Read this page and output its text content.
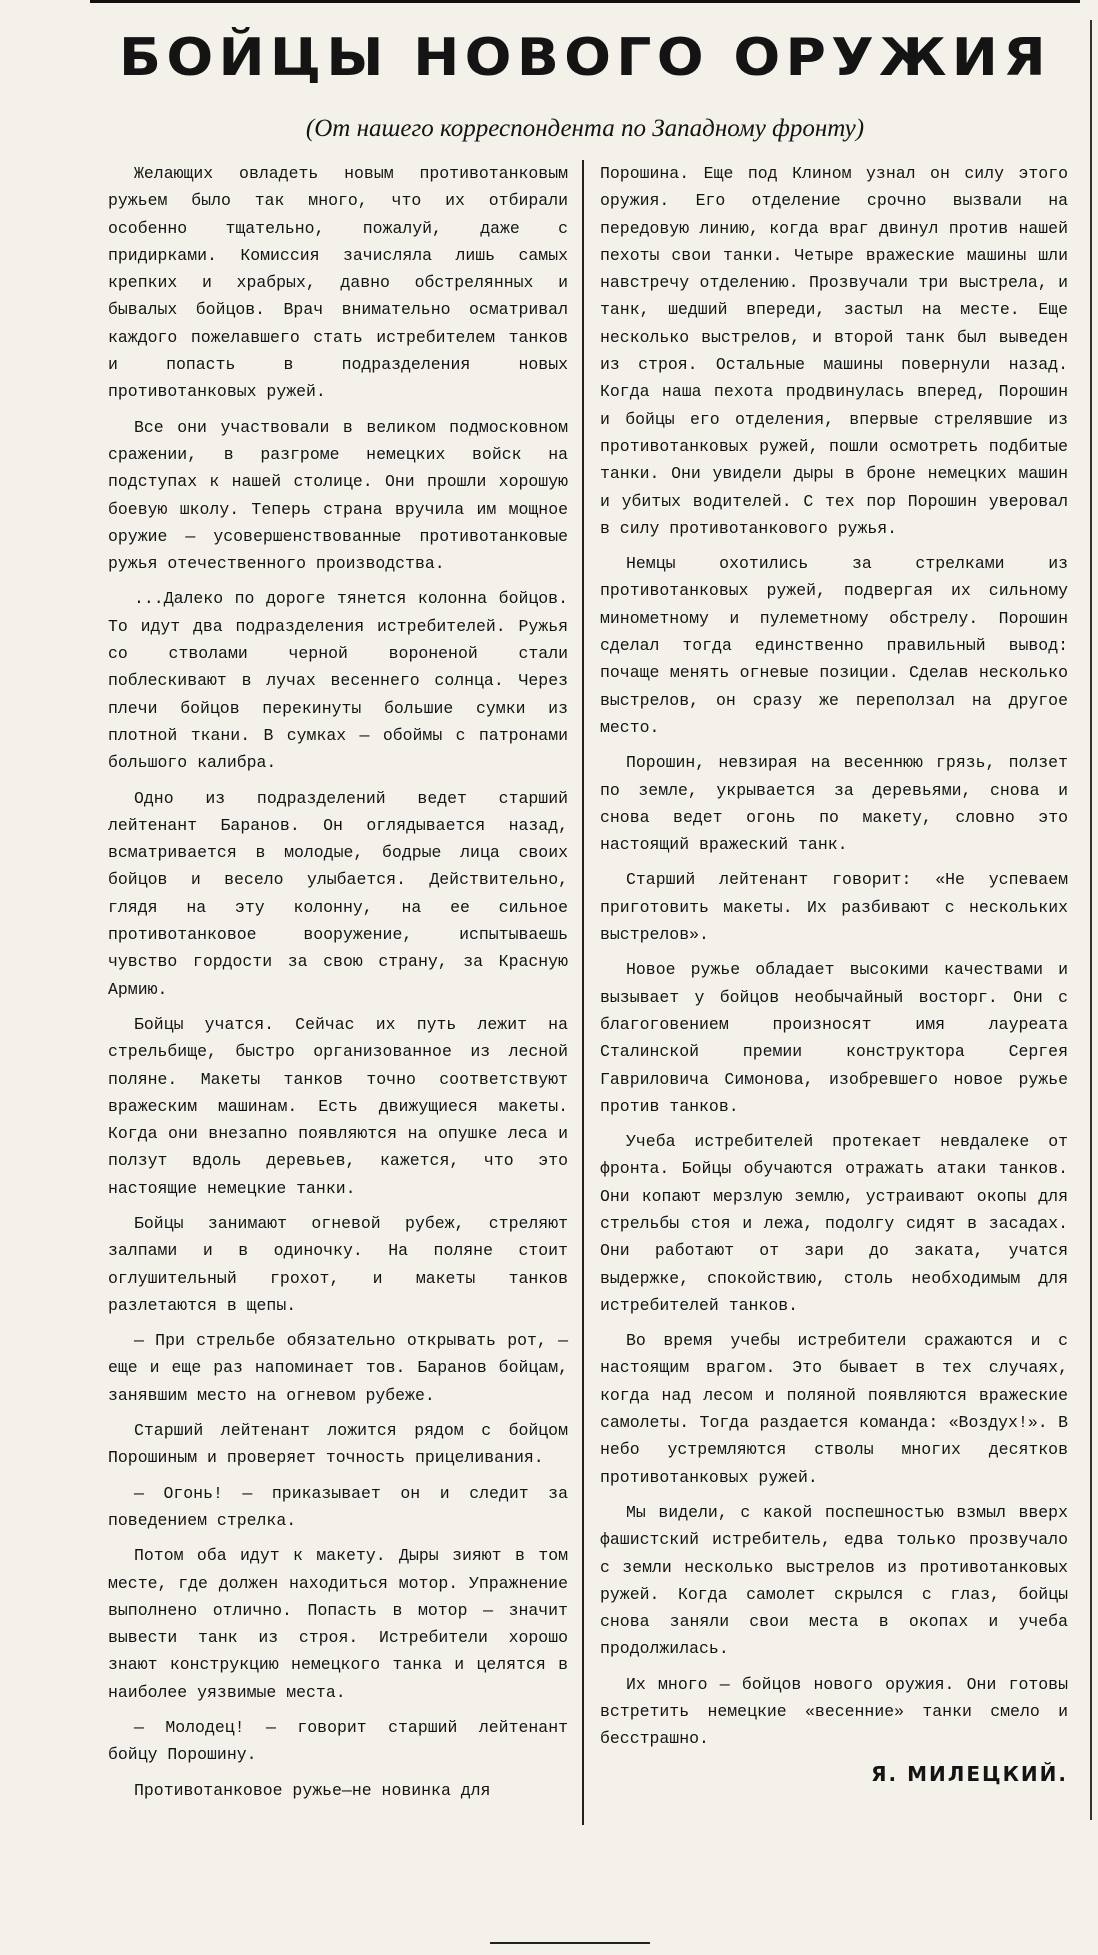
БОЙЦЫ НОВОГО ОРУЖИЯ
(От нашего корреспондента по Западному фронту)

Желающих овладеть новым противотанковым ружьем было так много, что их отбирали особенно тщательно, пожалуй, даже с придирками. Комиссия зачисляла лишь самых крепких и храбрых, давно обстрелянных и бывалых бойцов. Врач внимательно осматривал каждого пожелавшего стать истребителем танков и попасть в подразделения новых противотанковых ружей.

Все они участвовали в великом подмосковном сражении, в разгроме немецких войск на подступах к нашей столице. Они прошли хорошую боевую школу. Теперь страна вручила им мощное оружие — усовершенствованные противотанковые ружья отечественного производства.

...Далеко по дороге тянется колонна бойцов. То идут два подразделения истребителей. Ружья со стволами черной вороненой стали поблескивают в лучах весеннего солнца. Через плечи бойцов перекинуты большие сумки из плотной ткани. В сумках — обоймы с патронами большого калибра.

Одно из подразделений ведет старший лейтенант Баранов. Он оглядывается назад, всматривается в молодые, бодрые лица своих бойцов и весело улыбается. Действительно, глядя на эту колонну, на ее сильное противотанковое вооружение, испытываешь чувство гордости за свою страну, за Красную Армию.

Бойцы учатся. Сейчас их путь лежит на стрельбище, быстро организованное из лесной поляне. Макеты танков точно соответствуют вражеским машинам. Есть движущиеся макеты. Когда они внезапно появляются на опушке леса и ползут вдоль деревьев, кажется, что это настоящие немецкие танки.

Бойцы занимают огневой рубеж, стреляют залпами и в одиночку. На поляне стоит оглушительный грохот, и макеты танков разлетаются в щепы.

— При стрельбе обязательно открывать рот, — еще и еще раз напоминает тов. Баранов бойцам, занявшим место на огневом рубеже.

Старший лейтенант ложится рядом с бойцом Порошиным и проверяет точность прицеливания.

— Огонь! — приказывает он и следит за поведением стрелка.

Потом оба идут к макету. Дыры зияют в том месте, где должен находиться мотор. Упражнение выполнено отлично. Попасть в мотор — значит вывести танк из строя. Истребители хорошо знают конструкцию немецкого танка и целятся в наиболее уязвимые места.

— Молодец! — говорит старший лейтенант бойцу Порошину.

Противотанковое ружье—не новинка для

Порошина. Еще под Клином узнал он силу этого оружия. Его отделение срочно вызвали на передовую линию, когда враг двинул против нашей пехоты свои танки. Четыре вражеские машины шли навстречу отделению. Прозвучали три выстрела, и танк, шедший впереди, застыл на месте. Еще несколько выстрелов, и второй танк был выведен из строя. Остальные машины повернули назад. Когда наша пехота продвинулась вперед, Порошин и бойцы его отделения, впервые стрелявшие из противотанковых ружей, пошли осмотреть подбитые танки. Они увидели дыры в броне немецких машин и убитых водителей. С тех пор Порошин уверовал в силу противотанкового ружья.

Немцы охотились за стрелками из противотанковых ружей, подвергая их сильному минометному и пулеметному обстрелу. Порошин сделал тогда единственно правильный вывод: почаще менять огневые позиции. Сделав несколько выстрелов, он сразу же переползал на другое место.

Порошин, невзирая на весеннюю грязь, ползет по земле, укрывается за деревьями, снова и снова ведет огонь по макету, словно это настоящий вражеский танк.

Старший лейтенант говорит: «Не успеваем приготовить макеты. Их разбивают с нескольких выстрелов».

Новое ружье обладает высокими качествами и вызывает у бойцов необычайный восторг. Они с благоговением произносят имя лауреата Сталинской премии конструктора Сергея Гавриловича Симонова, изобревшего новое ружье против танков.

Учеба истребителей протекает невдалеке от фронта. Бойцы обучаются отражать атаки танков. Они копают мерзлую землю, устраивают окопы для стрельбы стоя и лежа, подолгу сидят в засадах. Они работают от зари до заката, учатся выдержке, спокойствию, столь необходимым для истребителей танков.

Во время учебы истребители сражаются и с настоящим врагом. Это бывает в тех случаях, когда над лесом и поляной появляются вражеские самолеты. Тогда раздается команда: «Воздух!». В небо устремляются стволы многих десятков противотанковых ружей.

Мы видели, с какой поспешностью взмыл вверх фашистский истребитель, едва только прозвучало с земли несколько выстрелов из противотанковых ружей. Когда самолет скрылся с глаз, бойцы снова заняли свои места в окопах и учеба продолжилась.

Их много — бойцов нового оружия. Они готовы встретить немецкие «весенние» танки смело и бесстрашно.

Я. МИЛЕЦКИЙ.
